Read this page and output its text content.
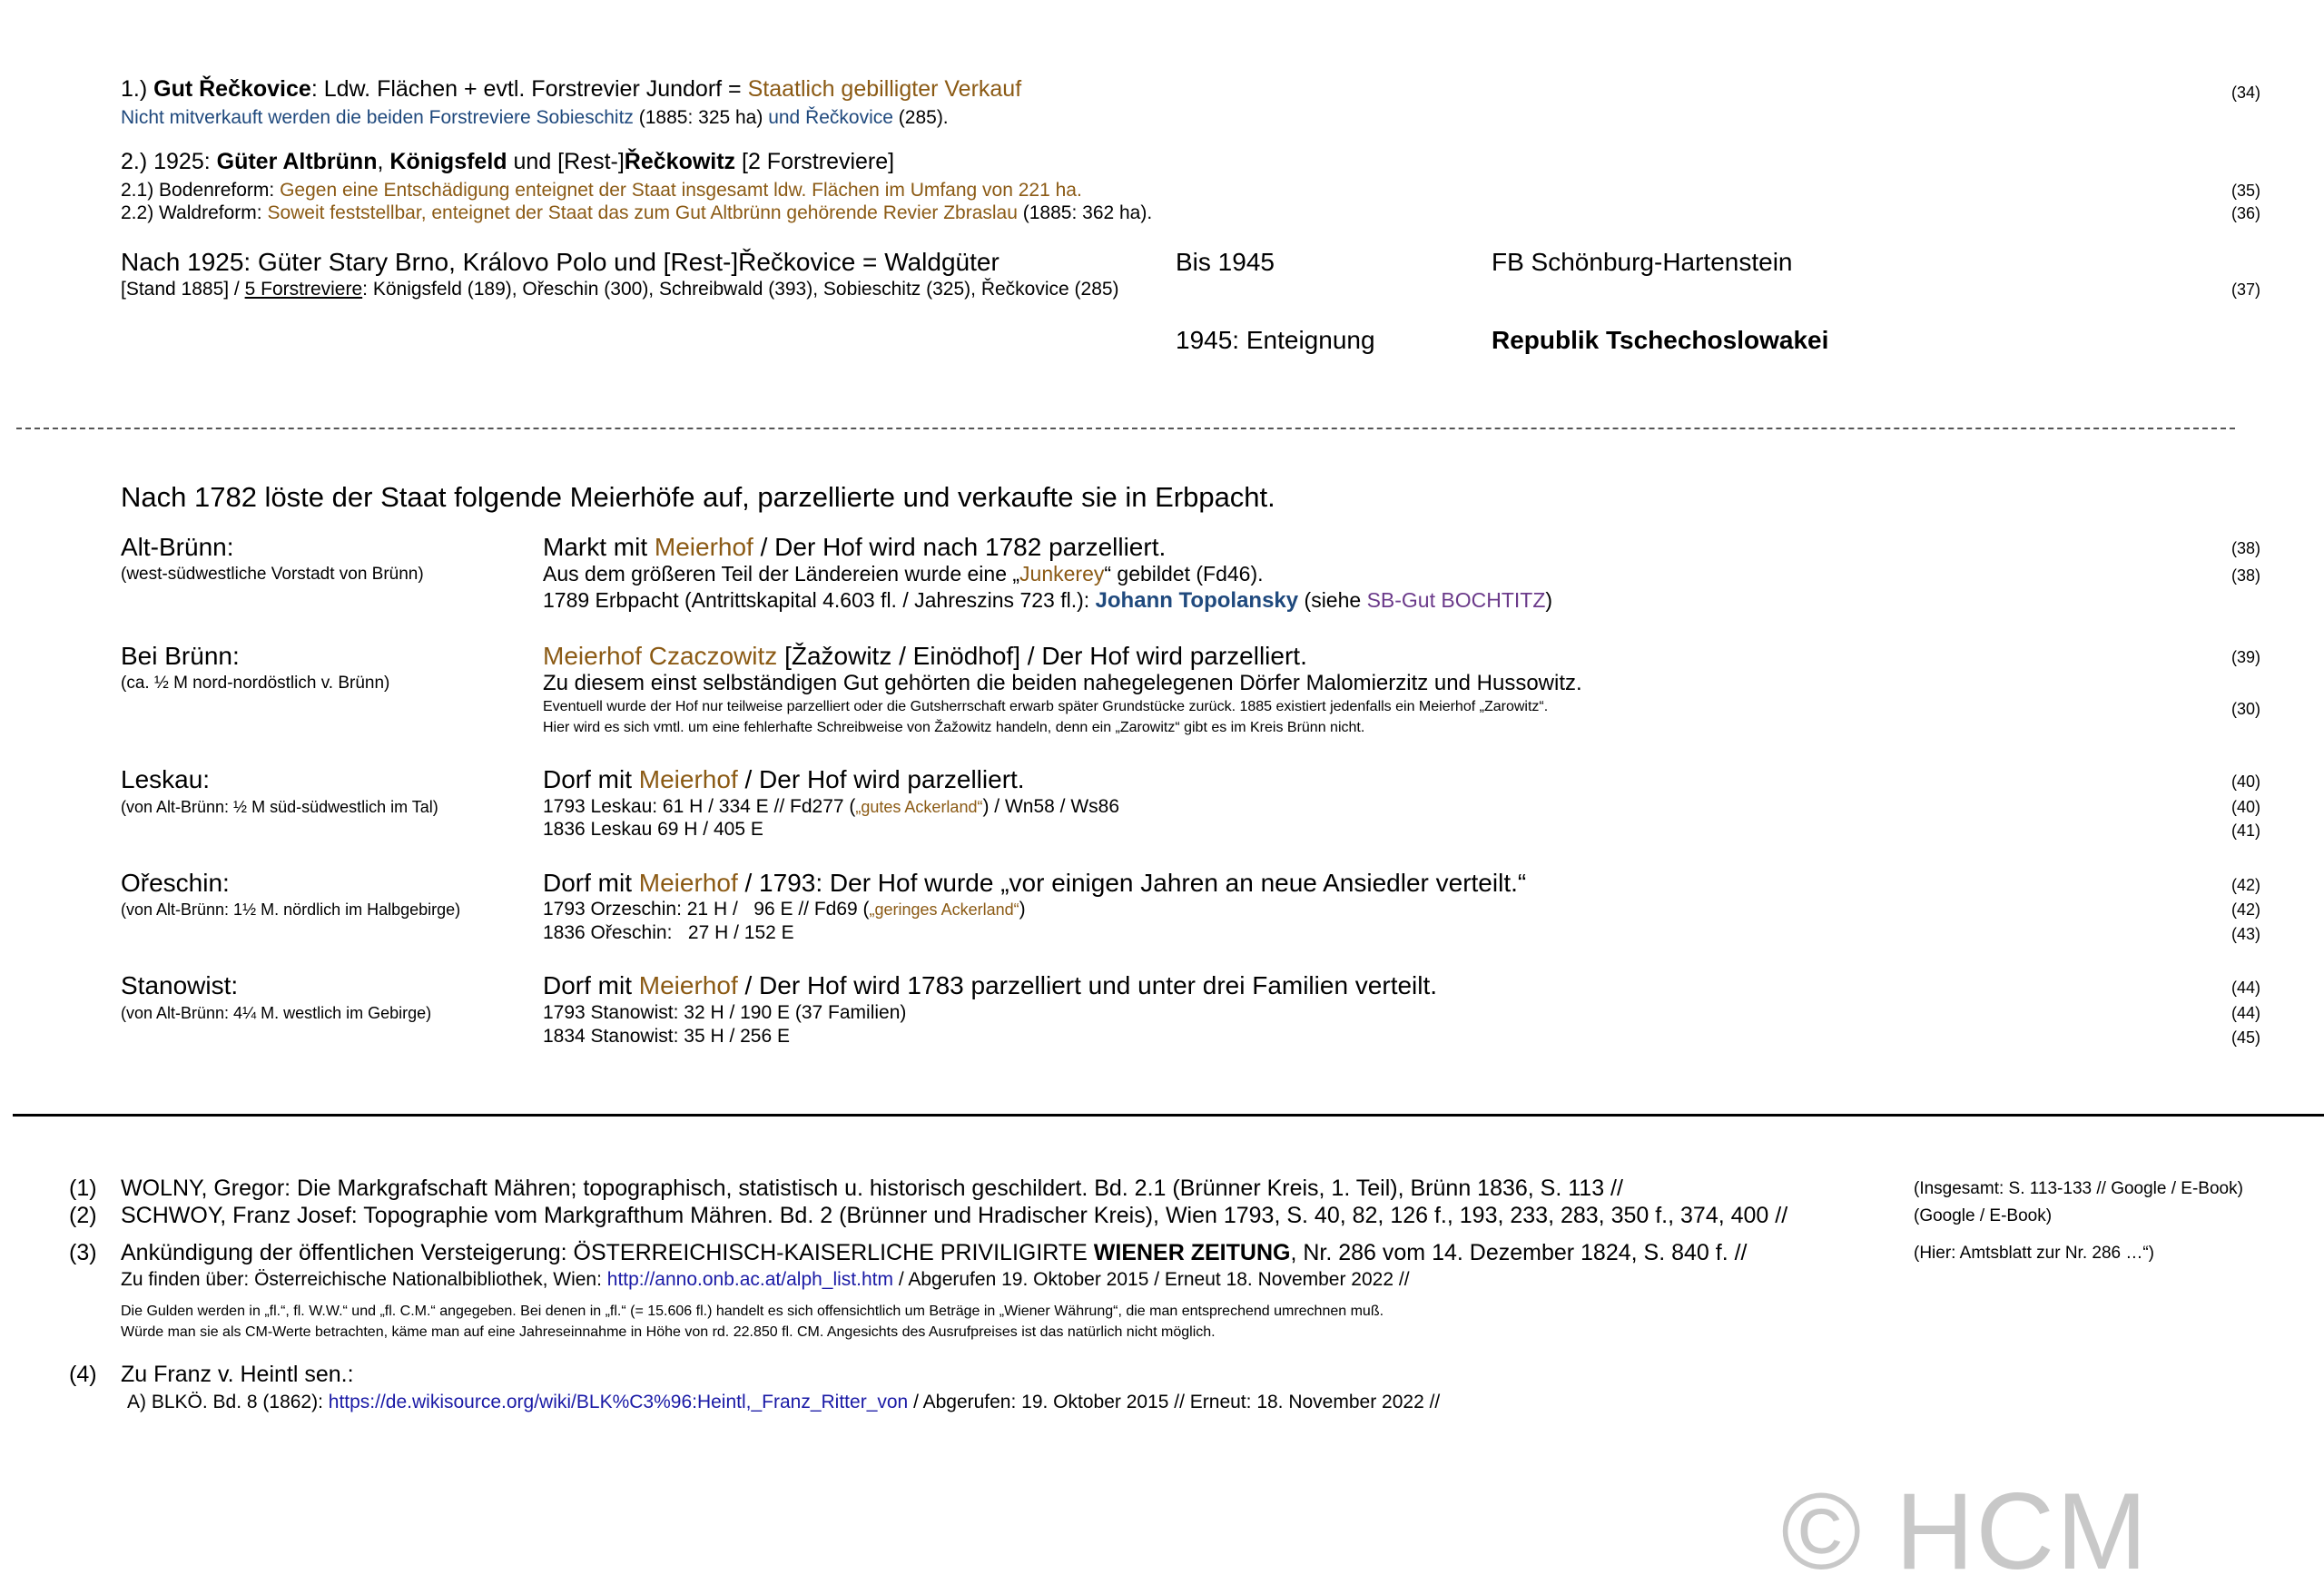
1.) Gut Řečkovice: Ldw. Flächen + evtl. Forstrevier Jundorf = Staatlich gebilligter Verkauf	(34)
Nicht mitverkauft werden die beiden Forstreviere Sobieschitz (1885: 325 ha) und Řečkovice (285).
2.) 1925: Güter Altbrünn, Königsfeld und [Rest-]Řečkowitz [2 Forstreviere]
2.1) Bodenreform: Gegen eine Entschädigung enteignet der Staat insgesamt ldw. Flächen im Umfang von 221 ha.	(35)
2.2) Waldreform: Soweit feststellbar, enteignet der Staat das zum Gut Altbrünn gehörende Revier Zbraslau (1885: 362 ha).	(36)
Nach 1925: Güter Stary Brno, Královo Polo und [Rest-]Řečkovice = Waldgüter	Bis 1945	FB Schönburg-Hartenstein
[Stand 1885] / 5 Forstreviere: Königsfeld (189), Ořeschin (300), Schreibwald (393), Sobieschitz (325), Řečkovice (285)	(37)
1945: Enteignung	Republik Tschechoslowakei
Nach 1782 löste der Staat folgende Meierhöfe auf, parzellierte und verkaufte sie in Erbpacht.
Alt-Brünn:
(west-südwestliche Vorstadt von Brünn)
Markt mit Meierhof / Der Hof wird nach 1782 parzelliert.	(38)
Aus dem größeren Teil der Ländereien wurde eine „Junkerey“ gebildet (Fd46).	(38)
1789 Erbpacht (Antrittskapital 4.603 fl. / Jahreszins 723 fl.): Johann Topolansky (siehe SB-Gut BOCHTITZ)
Bei Brünn:
(ca. ½ M nord-nordöstlich v. Brünn)
Meierhof Czaczowitz [Žažowitz / Einödhof] / Der Hof wird parzelliert.	(39)
Zu diesem einst selbständigen Gut gehörten die beiden nahegelegenen Dörfer Malomierzitz und Hussowitz.
Eventuell wurde der Hof nur teilweise parzelliert oder die Gutsherrschaft erwarb später Grundstücke zurück. 1885 existiert jedenfalls ein Meierhof „Zarowitz“.	(30)
Hier wird es sich vmtl. um eine fehlerhafte Schreibweise von Žažowitz handeln, denn ein „Zarowitz“ gibt es im Kreis Brünn nicht.
Leskau:
(von Alt-Brünn: ½ M süd-südwestlich im Tal)
Dorf mit Meierhof / Der Hof wird parzelliert.	(40)
1793 Leskau: 61 H / 334 E // Fd277 („gutes Ackerland“) / Wn58 / Ws86	(40)
1836 Leskau 69 H / 405 E	(41)
Ořeschin:
(von Alt-Brünn: 1½ M. nördlich im Halbgebirge)
Dorf mit Meierhof / 1793: Der Hof wurde „vor einigen Jahren an neue Ansiedler verteilt.“	(42)
1793 Orzeschin: 21 H /   96 E // Fd69 („geringes Ackerland“)	(42)
1836 Ořeschin:   27 H / 152 E	(43)
Stanowist:
(von Alt-Brünn: 4¼ M. westlich im Gebirge)
Dorf mit Meierhof / Der Hof wird 1783 parzelliert und unter drei Familien verteilt.	(44)
1793 Stanowist: 32 H / 190 E (37 Familien)	(44)
1834 Stanowist: 35 H / 256 E	(45)
(1) WOLNY, Gregor: Die Markgrafschaft Mähren; topographisch, statistisch u. historisch geschildert. Bd. 2.1 (Brünner Kreis, 1. Teil), Brünn 1836, S. 113 //	(Insgesamt: S. 113-133 // Google / E-Book)
(2) SCHWOY, Franz Josef: Topographie vom Markgrafthum Mähren. Bd. 2 (Brünner und Hradischer Kreis), Wien 1793, S. 40, 82, 126 f., 193, 233, 283, 350 f., 374, 400 //	(Google / E-Book)
(3) Ankündigung der öffentlichen Versteigerung: ÖSTERREICHISCH-KAISERLICHE PRIVILIGIRTE WIENER ZEITUNG, Nr. 286 vom 14. Dezember 1824, S. 840 f. //	(Hier: Amtsblatt zur Nr. 286 …“)
Zu finden über: Österreichische Nationalbibliothek, Wien: http://anno.onb.ac.at/alph_list.htm / Abgerufen 19. Oktober 2015 / Erneut 18. November 2022 //
Die Gulden werden in „fl.“, fl. W.W.“ und „fl. C.M.“ angegeben. Bei denen in „fl.“ (= 15.606 fl.) handelt es sich offensichtlich um Beträge in „Wiener Währung“, die man entsprechend umrechnen muß.
Würde man sie als CM-Werte betrachten, käme man auf eine Jahreseinnahme in Höhe von rd. 22.850 fl. CM. Angesichts des Ausrufpreises ist das natürlich nicht möglich.
(4) Zu Franz v. Heintl sen.:
A) BLKÖ. Bd. 8 (1862): https://de.wikisource.org/wiki/BLK%C3%96:Heintl,_Franz_Ritter_von / Abgerufen: 19. Oktober 2015 // Erneut: 18. November 2022 //
© HCM
